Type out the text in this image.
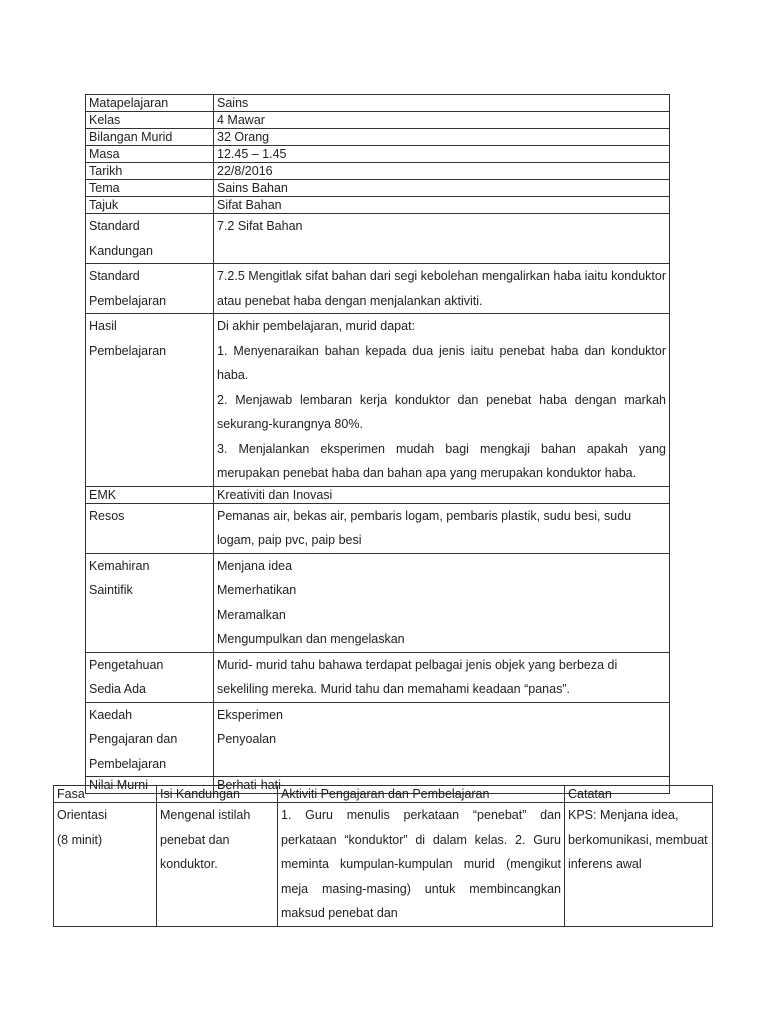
Matapelajaran	Sains
Kelas	4 Mawar
Bilangan Murid	32 Orang
Masa	12.45 – 1.45
Tarikh	22/8/2016
Tema	Sains Bahan
Tajuk	Sifat Bahan

Standard
Kandungan	7.2 Sifat Bahan

Standard
Pembelajaran	7.2.5 Mengitlak sifat bahan dari segi kebolehan mengalirkan haba iaitu konduktor atau penebat haba dengan menjalankan aktiviti.

Hasil
Pembelajaran	Di akhir pembelajaran, murid dapat:
1. Menyenaraikan bahan kepada dua jenis iaitu penebat haba dan konduktor haba.
2. Menjawab lembaran kerja konduktor dan penebat haba dengan markah sekurang-kurangnya 80%.
3. Menjalankan eksperimen mudah bagi mengkaji bahan apakah yang merupakan penebat haba dan bahan apa yang merupakan konduktor haba.

EMK	Kreativiti dan Inovasi
Resos	Pemanas air, bekas air, pembaris logam, pembaris plastik, sudu besi, sudu logam, paip pvc, paip besi

Kemahiran
Saintifik	Menjana idea
Memerhatikan
Meramalkan
Mengumpulkan dan mengelaskan

Pengetahuan
Sedia Ada	Murid- murid tahu bahawa terdapat pelbagai jenis objek yang berbeza di sekeliling mereka. Murid tahu dan memahami keadaan “panas”.

Kaedah
Pengajaran dan
Pembelajaran	Eksperimen
Penyoalan

Nilai Murni	Berhati-hati
Fasa	Isi Kandungan	Aktiviti Pengajaran dan Pembelajaran	Catatan

Orientasi
(8 minit)	Mengenal istilah
penebat dan
konduktor.	1. Guru menulis perkataan “penebat” dan perkataan “konduktor” di dalam kelas. 2. Guru meminta kumpulan-kumpulan murid (mengikut meja masing-masing) untuk membincangkan maksud penebat dan	KPS: Menjana idea, berkomunikasi, membuat inferens awal
